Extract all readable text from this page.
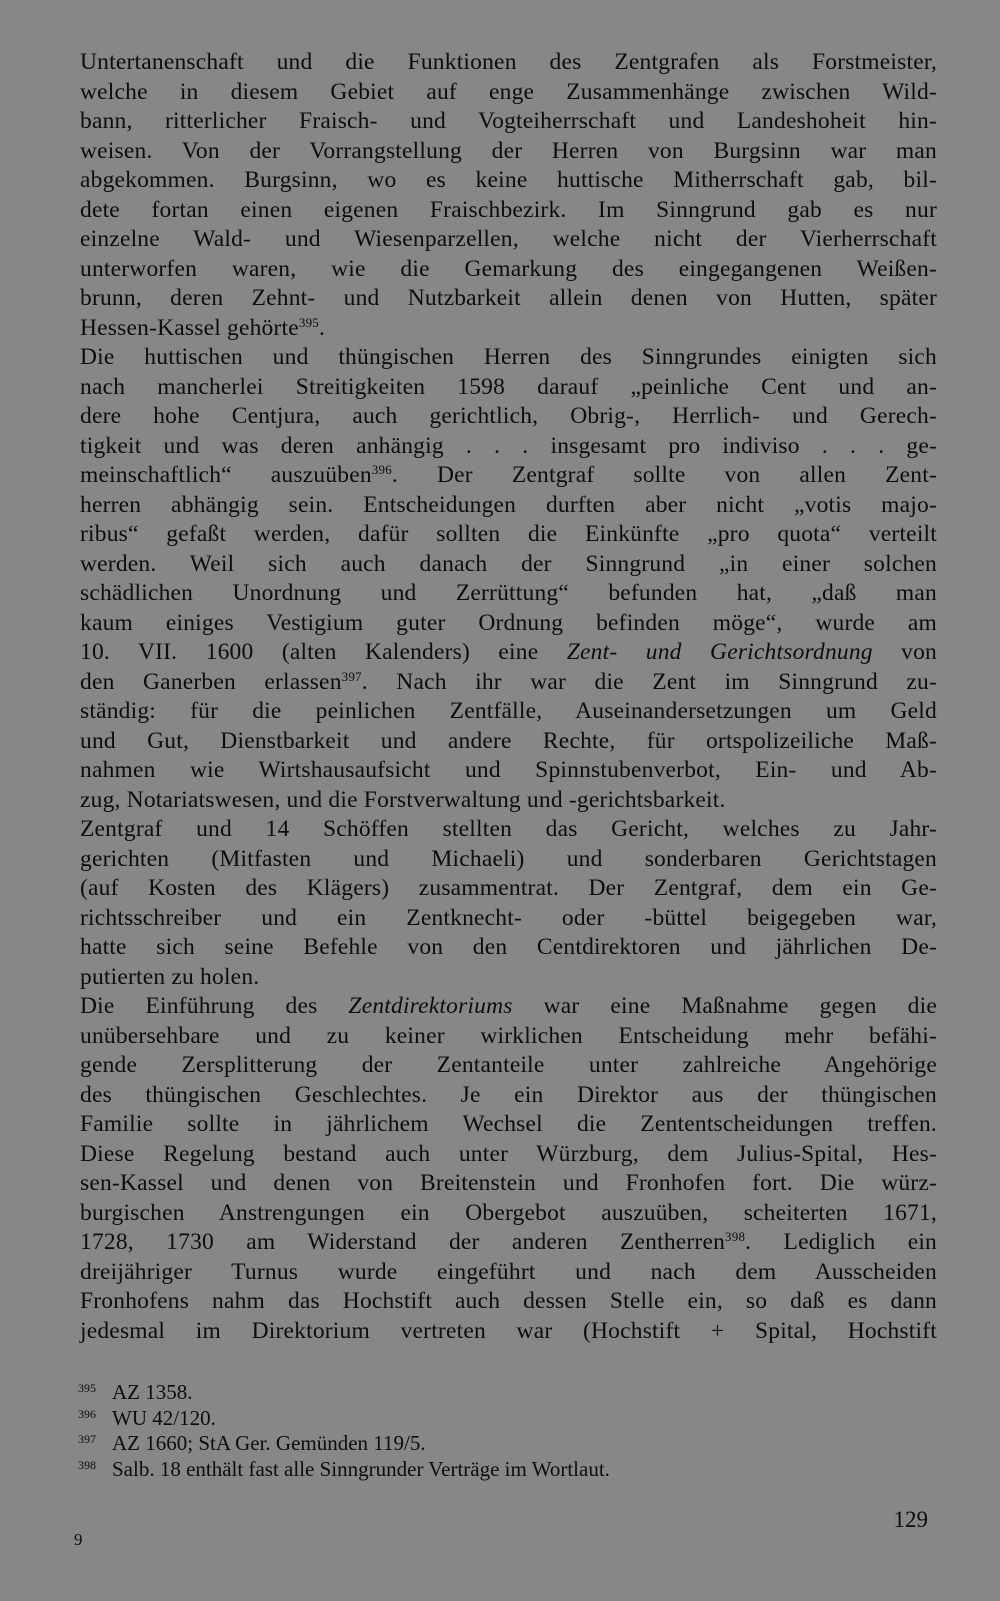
Untertanenschaft und die Funktionen des Zentgrafen als Forstmeister,
welche in diesem Gebiet auf enge Zusammenhänge zwischen Wild-
bann, ritterlicher Fraisch- und Vogteiherrschaft und Landeshoheit hin-
weisen. Von der Vorrangstellung der Herren von Burgsinn war man
abgekommen. Burgsinn, wo es keine huttische Mitherrschaft gab, bil-
dete fortan einen eigenen Fraischbezirk. Im Sinngrund gab es nur
einzelne Wald- und Wiesenparzellen, welche nicht der Vierherrschaft
unterworfen waren, wie die Gemarkung des eingegangenen Weißen-
brunn, deren Zehnt- und Nutzbarkeit allein denen von Hutten, später
Hessen-Kassel gehörte$^{395}$.
Die huttischen und thüngischen Herren des Sinngrundes einigten sich
nach mancherlei Streitigkeiten 1598 darauf „peinliche Cent und an-
dere hohe Centjura, auch gerichtlich, Obrig-, Herrlich- und Gerech-
tigkeit und was deren anhängig . . . insgesamt pro indiviso . . . ge-
meinschaftlich“ auszuüben$^{396}$. Der Zentgraf sollte von allen Zent-
herren abhängig sein. Entscheidungen durften aber nicht „votis majo-
ribus“ gefaßt werden, dafür sollten die Einkünfte „pro quota“ verteilt
werden. Weil sich auch danach der Sinngrund „in einer solchen
schädlichen Unordnung und Zerrüttung“ befunden hat, „daß man
kaum einiges Vestigium guter Ordnung befinden möge“, wurde am
10. VII. 1600 (alten Kalenders) eine Zent- und Gerichtsordnung von
den Ganerben erlassen$^{397}$. Nach ihr war die Zent im Sinngrund zu-
ständig: für die peinlichen Zentfälle, Auseinandersetzungen um Geld
und Gut, Dienstbarkeit und andere Rechte, für ortspolizeiliche Maß-
nahmen wie Wirtshausaufsicht und Spinnstubenverbot, Ein- und Ab-
zug, Notariatswesen, und die Forstverwaltung und -gerichtsbarkeit.
Zentgraf und 14 Schöffen stellten das Gericht, welches zu Jahr-
gerichten (Mitfasten und Michaeli) und sonderbaren Gerichtstagen
(auf Kosten des Klägers) zusammentrat. Der Zentgraf, dem ein Ge-
richtsschreiber und ein Zentknecht- oder -büttel beigegeben war,
hatte sich seine Befehle von den Centdirektoren und jährlichen De-
putierten zu holen.
Die Einführung des Zentdirektoriums war eine Maßnahme gegen die
unübersehbare und zu keiner wirklichen Entscheidung mehr befähi-
gende Zersplitterung der Zentanteile unter zahlreiche Angehörige
des thüngischen Geschlechtes. Je ein Direktor aus der thüngischen
Familie sollte in jährlichem Wechsel die Zententscheidungen treffen.
Diese Regelung bestand auch unter Würzburg, dem Julius-Spital, Hes-
sen-Kassel und denen von Breitenstein und Fronhofen fort. Die würz-
burgischen Anstrengungen ein Obergebot auszuüben, scheiterten 1671,
1728, 1730 am Widerstand der anderen Zentherren$^{398}$. Lediglich ein
dreijähriger Turnus wurde eingeführt und nach dem Ausscheiden
Fronhofens nahm das Hochstift auch dessen Stelle ein, so daß es dann
jedesmal im Direktorium vertreten war (Hochstift + Spital, Hochstift
395 AZ 1358.
396 WU 42/120.
397 AZ 1660; StA Ger. Gemünden 119/5.
398 Salb. 18 enthält fast alle Sinngrunder Verträge im Wortlaut.
129
9
